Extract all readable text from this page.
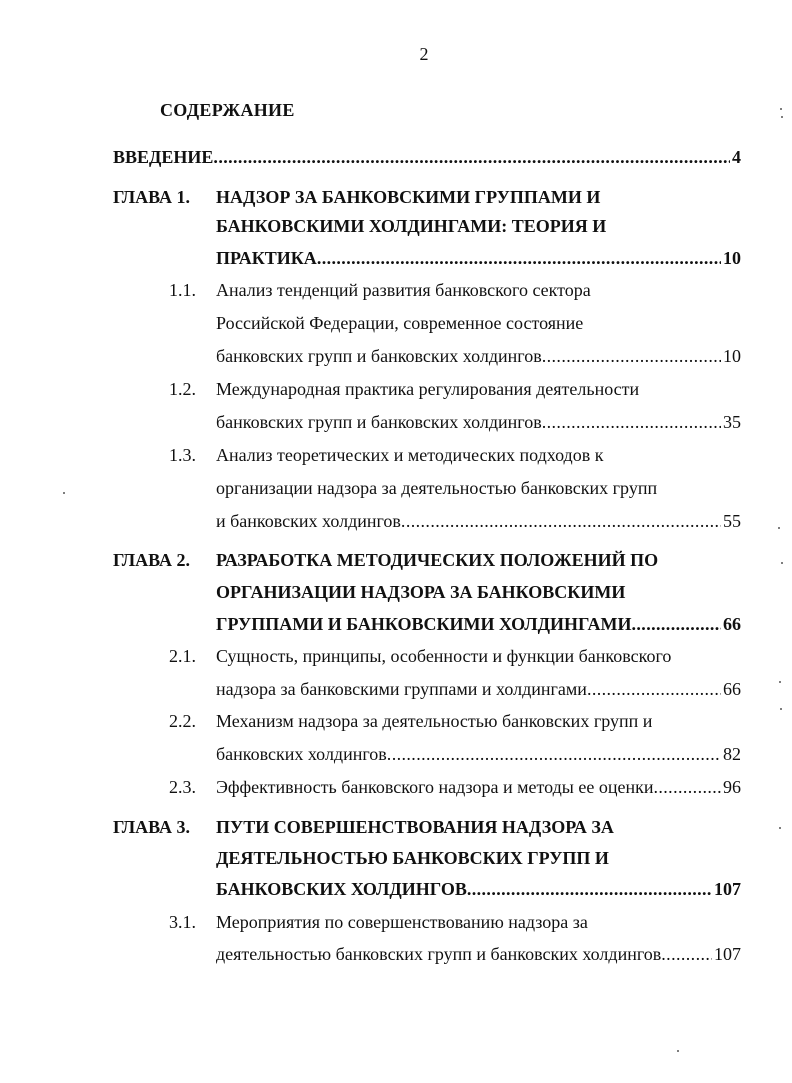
2
СОДЕРЖАНИЕ
ВВЕДЕНИЕ .....	4
ГЛАВА 1. НАДЗОР ЗА БАНКОВСКИМИ ГРУППАМИ И
БАНКОВСКИМИ ХОЛДИНГАМИ: ТЕОРИЯ И
ПРАКТИКА .....	10
1.1. Анализ тенденций развития банковского сектора
Российской Федерации, современное состояние
банковских групп и банковских холдингов .....	10
1.2. Международная практика регулирования деятельности
банковских групп и банковских холдингов .....	35
1.3. Анализ теоретических и методических подходов к
организации надзора за деятельностью банковских групп
и банковских холдингов .....	55
ГЛАВА 2. РАЗРАБОТКА МЕТОДИЧЕСКИХ ПОЛОЖЕНИЙ ПО
ОРГАНИЗАЦИИ НАДЗОРА ЗА БАНКОВСКИМИ
ГРУППАМИ И БАНКОВСКИМИ ХОЛДИНГАМИ .....	66
2.1. Сущность, принципы, особенности и функции банковского
надзора за банковскими группами и холдингами .....	66
2.2. Механизм надзора за деятельностью банковских групп и
банковских холдингов .....	82
2.3. Эффективность банковского надзора и методы ее оценки .....	96
ГЛАВА 3. ПУТИ СОВЕРШЕНСТВОВАНИЯ НАДЗОРА ЗА
ДЕЯТЕЛЬНОСТЬЮ БАНКОВСКИХ ГРУПП И
БАНКОВСКИХ ХОЛДИНГОВ .....	107
3.1. Мероприятия по совершенствованию надзора за
деятельностью банковских групп и банковских холдингов .....	107
